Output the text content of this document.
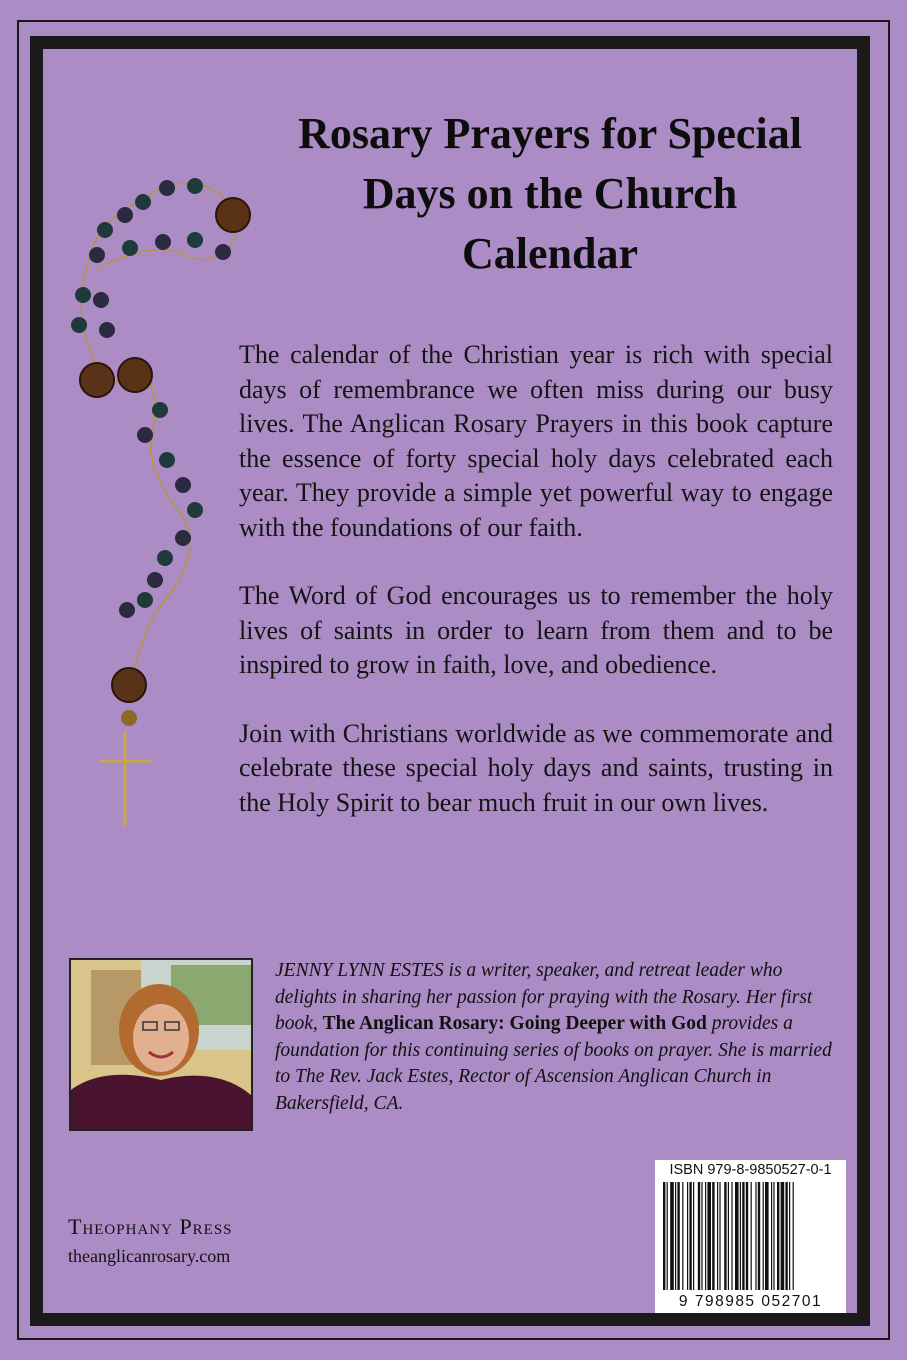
Rosary Prayers for Special
Days on the Church
Calendar

The calendar of the Christian year is rich with special days of remembrance we often miss during our busy lives. The Anglican Rosary Prayers in this book capture the essence of forty special holy days celebrated each year. They provide a simple yet powerful way to engage with the foundations of our faith.

The Word of God encourages us to remember the holy lives of saints in order to learn from them and to be inspired to grow in faith, love, and obedience.

Join with Christians worldwide as we commemorate and celebrate these special holy days and saints, trusting in the Holy Spirit to bear much fruit in our own lives.

JENNY LYNN ESTES is a writer, speaker, and retreat leader who delights in sharing her passion for praying with the Rosary. Her first book, The Anglican Rosary: Going Deeper with God provides a foundation for this continuing series of books on prayer. She is married to The Rev. Jack Estes, Rector of Ascension Anglican Church in Bakersfield, CA.
Theophany Press
theanglicanrosary.com
ISBN 979-8-9850527-0-1
9 798985 052701
